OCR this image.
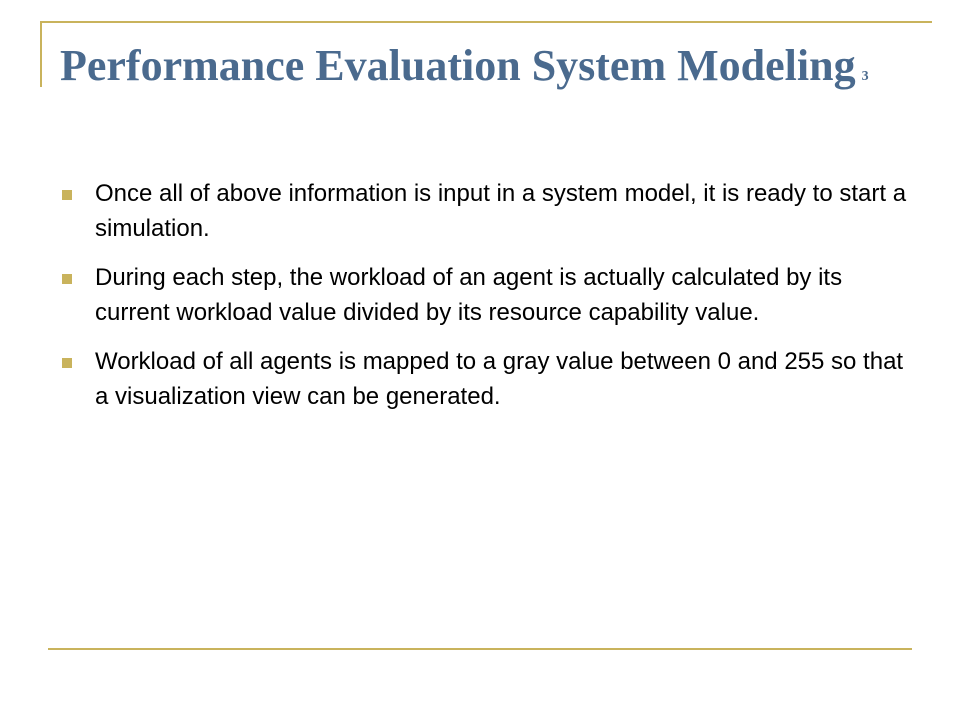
Performance Evaluation System Modeling 3
Once all of above information is input in a system model, it is ready to start a simulation.
During each step, the workload of an agent is actually calculated by its current workload value divided by its resource capability value.
Workload of all agents is mapped to a gray value between 0 and 255 so that a visualization view can be generated.
